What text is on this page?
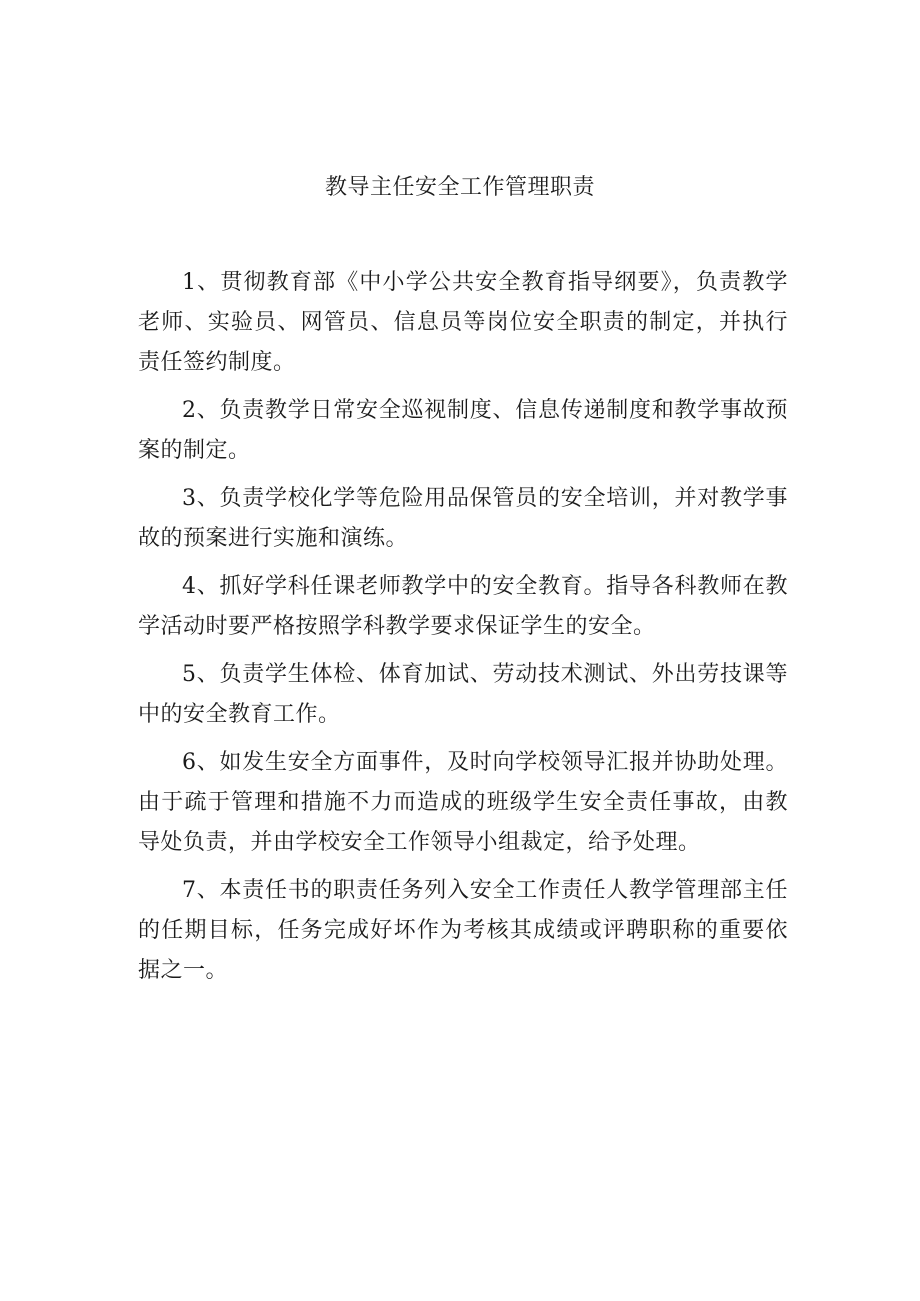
教导主任安全工作管理职责

1、贯彻教育部《中小学公共安全教育指导纲要》，负责教学老师、实验员、网管员、信息员等岗位安全职责的制定，并执行责任签约制度。

2、负责教学日常安全巡视制度、信息传递制度和教学事故预案的制定。

3、负责学校化学等危险用品保管员的安全培训，并对教学事故的预案进行实施和演练。

4、抓好学科任课老师教学中的安全教育。指导各科教师在教学活动时要严格按照学科教学要求保证学生的安全。

5、负责学生体检、体育加试、劳动技术测试、外出劳技课等中的安全教育工作。

6、如发生安全方面事件，及时向学校领导汇报并协助处理。由于疏于管理和措施不力而造成的班级学生安全责任事故，由教导处负责，并由学校安全工作领导小组裁定，给予处理。

7、本责任书的职责任务列入安全工作责任人教学管理部主任的任期目标，任务完成好坏作为考核其成绩或评聘职称的重要依据之一。
